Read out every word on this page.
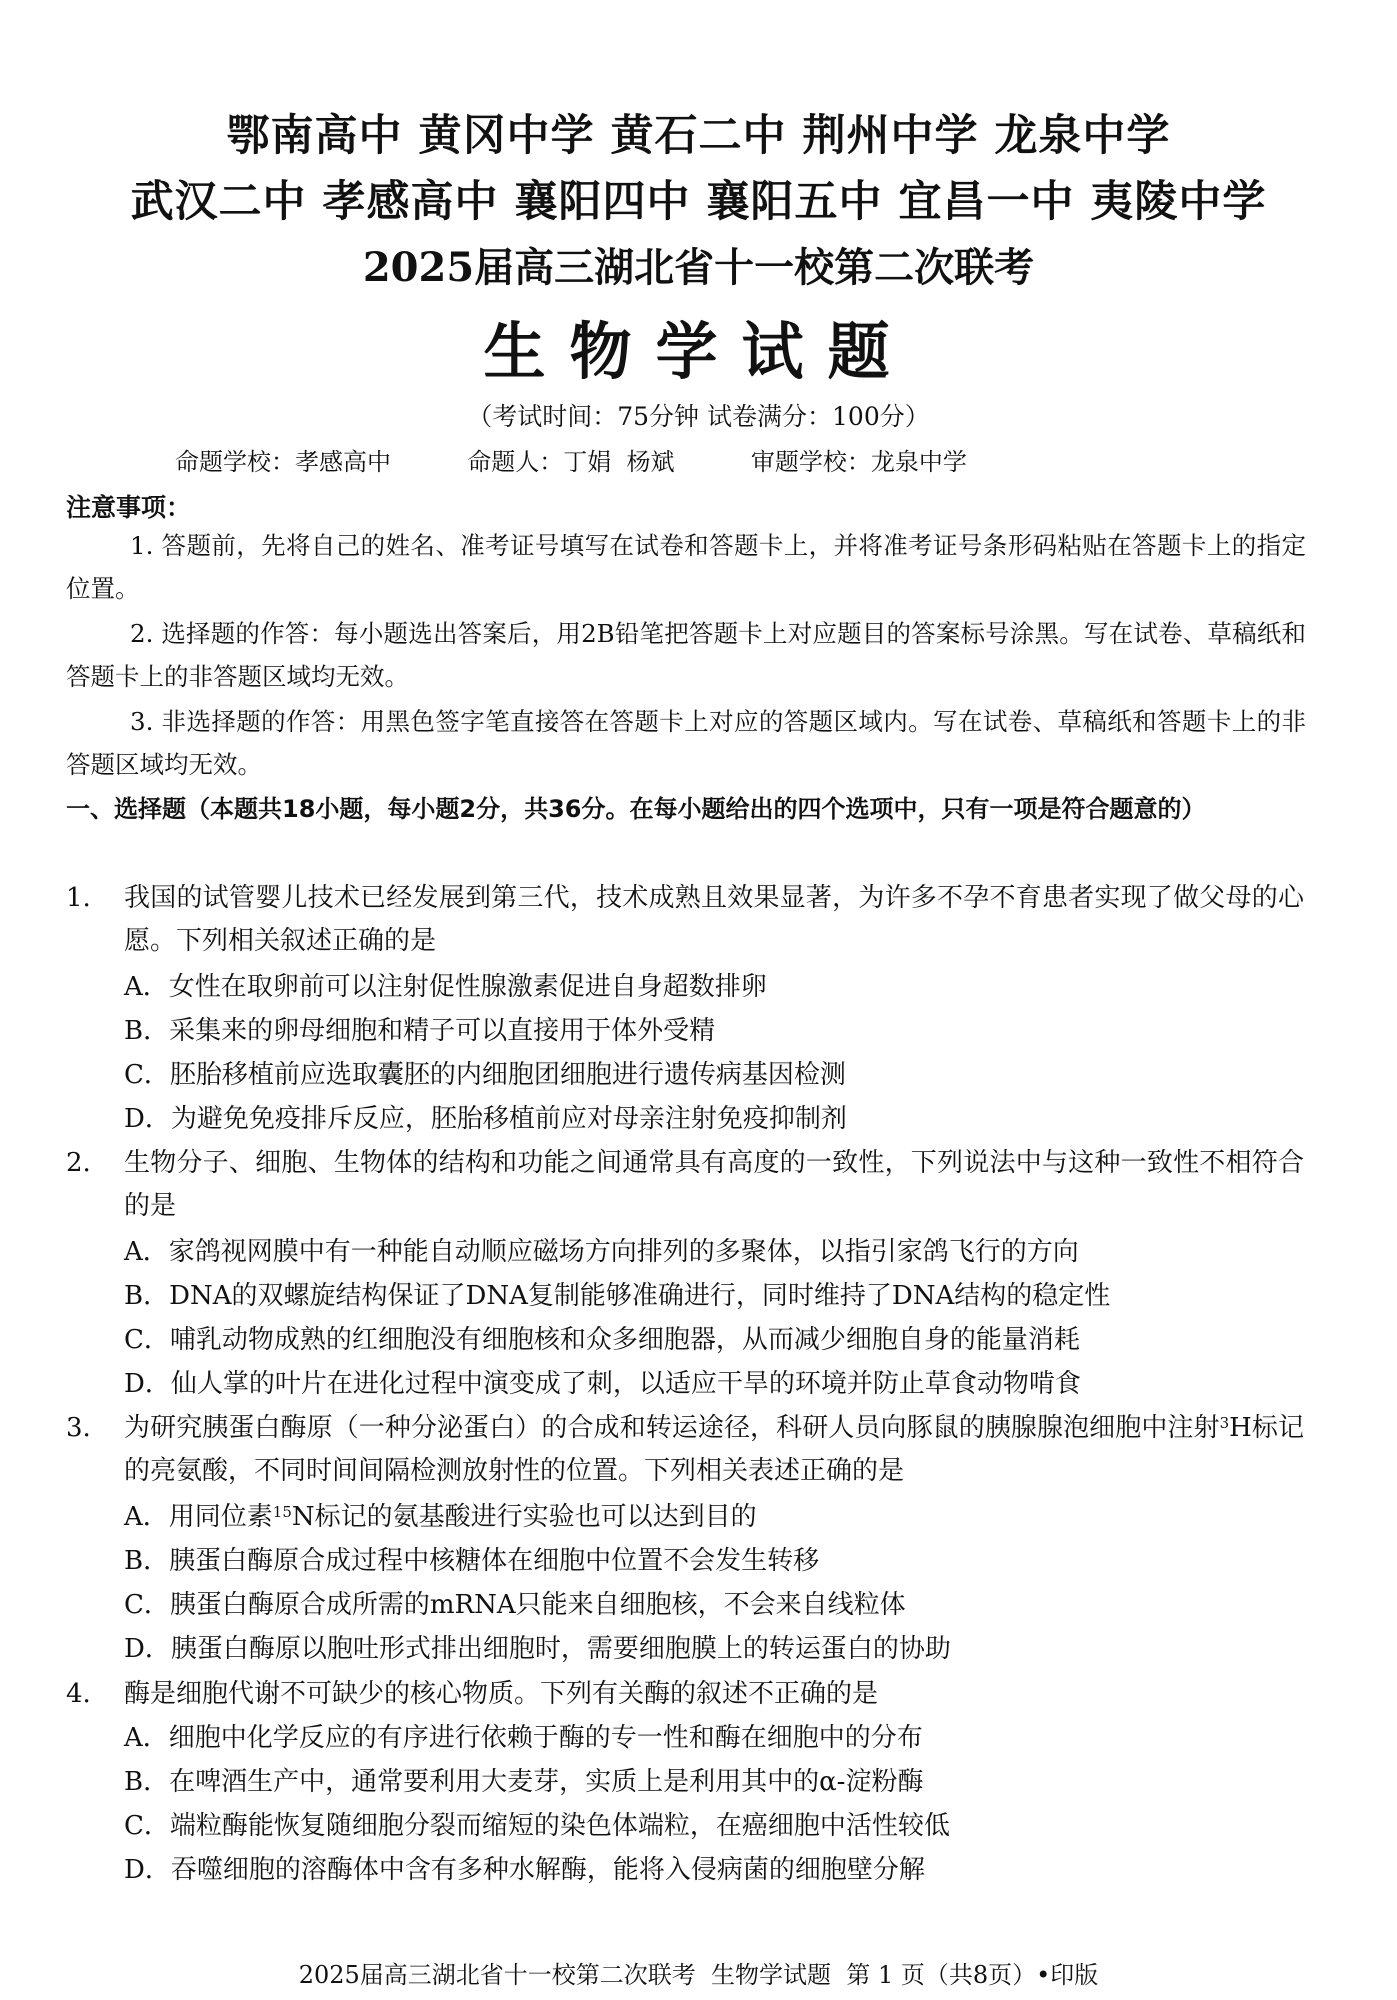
鄂南高中 黄冈中学 黄石二中 荆州中学 龙泉中学
武汉二中 孝感高中 襄阳四中 襄阳五中 宜昌一中 夷陵中学
2025届高三湖北省十一校第二次联考
生物学试题
（考试时间：75分钟 试卷满分：100分）
命题学校：孝感高中          命题人：丁娟  杨斌          审题学校：龙泉中学
注意事项：
1. 答题前，先将自己的姓名、准考证号填写在试卷和答题卡上，并将准考证号条形码粘贴在答题卡上的指定位置。
2. 选择题的作答：每小题选出答案后，用2B铅笔把答题卡上对应题目的答案标号涂黑。写在试卷、草稿纸和答题卡上的非答题区域均无效。
3. 非选择题的作答：用黑色签字笔直接答在答题卡上对应的答题区域内。写在试卷、草稿纸和答题卡上的非答题区域均无效。
一、选择题（本题共18小题，每小题2分，共36分。在每小题给出的四个选项中，只有一项是符合题意的）
1. 我国的试管婴儿技术已经发展到第三代，技术成熟且效果显著，为许多不孕不育患者实现了做父母的心愿。下列相关叙述正确的是
A．女性在取卵前可以注射促性腺激素促进自身超数排卵
B．采集来的卵母细胞和精子可以直接用于体外受精
C．胚胎移植前应选取囊胚的内细胞团细胞进行遗传病基因检测
D．为避免免疫排斥反应，胚胎移植前应对母亲注射免疫抑制剂
2. 生物分子、细胞、生物体的结构和功能之间通常具有高度的一致性，下列说法中与这种一致性不相符合的是
A．家鸽视网膜中有一种能自动顺应磁场方向排列的多聚体，以指引家鸽飞行的方向
B．DNA的双螺旋结构保证了DNA复制能够准确进行，同时维持了DNA结构的稳定性
C．哺乳动物成熟的红细胞没有细胞核和众多细胞器，从而减少细胞自身的能量消耗
D．仙人掌的叶片在进化过程中演变成了刺，以适应干旱的环境并防止草食动物啃食
3. 为研究胰蛋白酶原（一种分泌蛋白）的合成和转运途径，科研人员向豚鼠的胰腺腺泡细胞中注射$^3$H标记的亮氨酸，不同时间间隔检测放射性的位置。下列相关表述正确的是
A．用同位素$^{15}$N标记的氨基酸进行实验也可以达到目的
B．胰蛋白酶原合成过程中核糖体在细胞中位置不会发生转移
C．胰蛋白酶原合成所需的mRNA只能来自细胞核，不会来自线粒体
D．胰蛋白酶原以胞吐形式排出细胞时，需要细胞膜上的转运蛋白的协助
4. 酶是细胞代谢不可缺少的核心物质。下列有关酶的叙述不正确的是
A．细胞中化学反应的有序进行依赖于酶的专一性和酶在细胞中的分布
B．在啤酒生产中，通常要利用大麦芽，实质上是利用其中的α-淀粉酶
C．端粒酶能恢复随细胞分裂而缩短的染色体端粒，在癌细胞中活性较低
D．吞噬细胞的溶酶体中含有多种水解酶，能将入侵病菌的细胞壁分解
2025届高三湖北省十一校第二次联考  生物学试题  第 1 页（共8页）•印版
